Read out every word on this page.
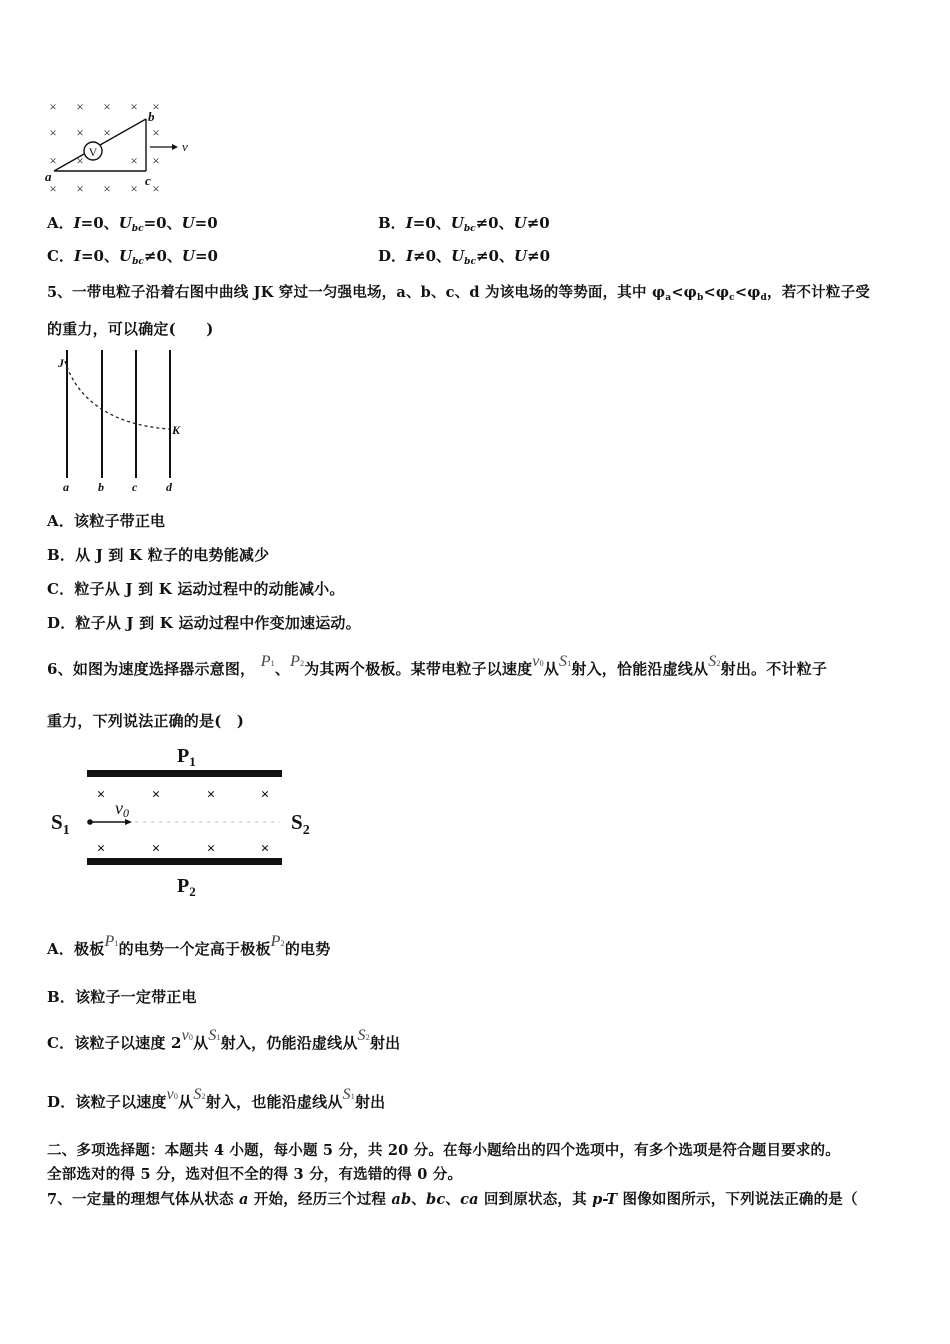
× × × × ×
× × ×	×
× ×	× ×
× × × × ×
V	v
a
b
c
A．I=0、$U_{bc}=0$、U=0	B．I=0、$U_{bc}\ne 0$、U≠0
C．I=0、$U_{bc}\ne 0$、U=0	D．I≠0、$U_{bc}\ne 0$、U≠0
5、一带电粒子沿着右图中曲线 JK 穿过一匀强电场，a、b、c、d 为该电场的等势面，其中 $\varphi_a<\varphi_b<\varphi_c<\varphi_d$，若不计粒子受
的重力，可以确定(　　)
J
K
a b c d
A．该粒子带正电
B．从 J 到 K 粒子的电势能减少
C．粒子从 J 到 K 运动过程中的动能减小。
D．粒子从 J 到 K 运动过程中作变加速运动。
6、如图为速度选择器示意图， P1、P2为其两个极板。某带电粒子以速度v0从S1射入，恰能沿虚线从S2射出。不计粒子
重力，下列说法正确的是(　)
$P_1$
$P_2$
×	×	×	×
×	×	×	×
v0
$S_1$	$S_2$
A．极板P1的电势一个定高于极板P2的电势
B．该粒子一定带正电
C．该粒子以速度 2v0从S1射入，仍能沿虚线从S2射出
D．该粒子以速度v0从S2射入，也能沿虚线从S1射出
二、多项选择题：本题共 4 小题，每小题 5 分，共 20 分。在每小题给出的四个选项中，有多个选项是符合题目要求的。
全部选对的得 5 分，选对但不全的得 3 分，有选错的得 0 分。
7、一定量的理想气体从状态 a 开始，经历三个过程 ab、bc、ca 回到原状态，其 p-T 图像如图所示，下列说法正确的是（
